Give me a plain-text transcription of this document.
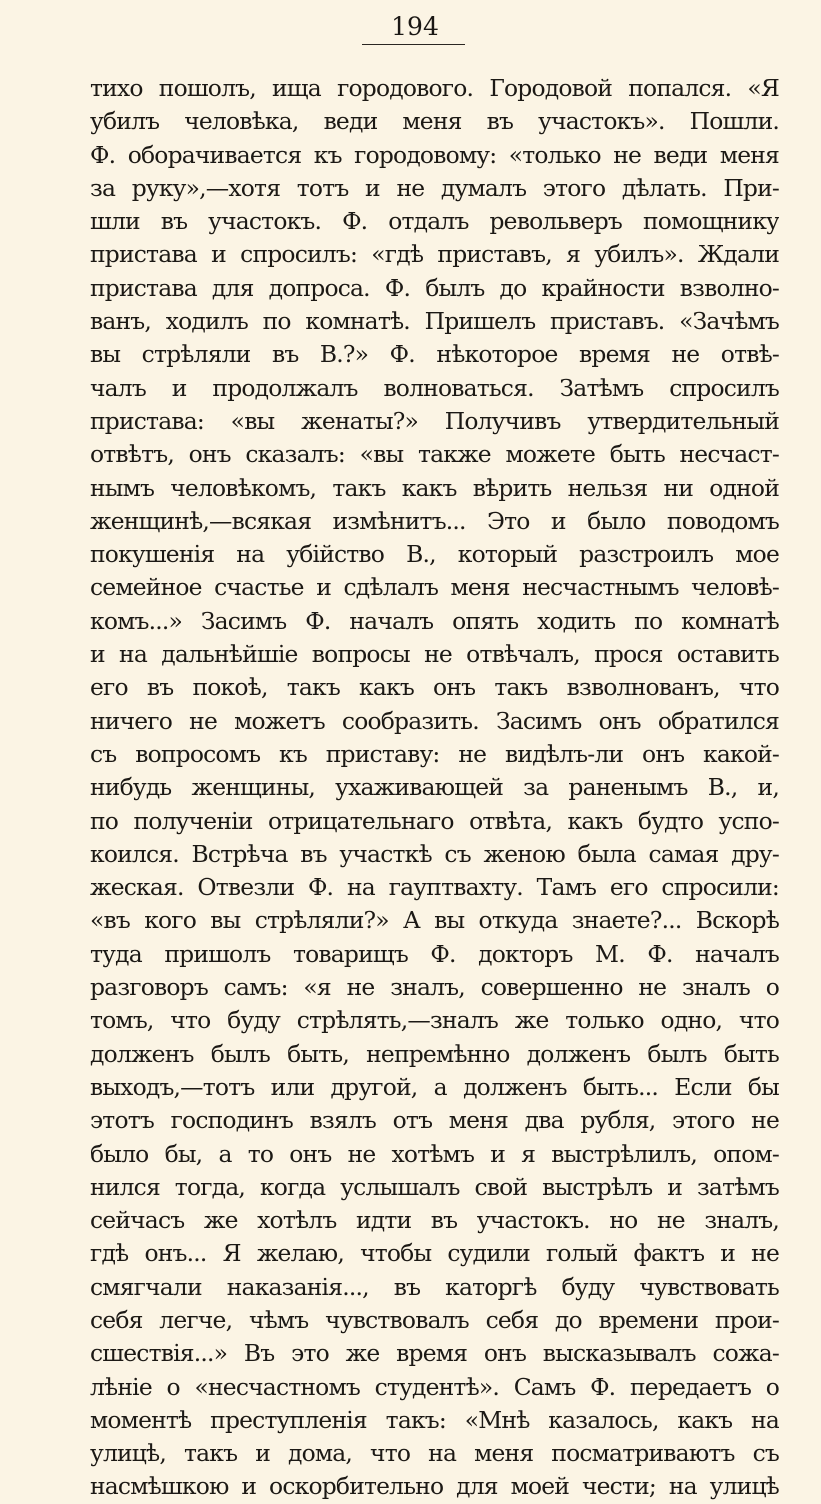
194
тихо пошолъ, ища городового. Городовой попался. «Я
убилъ человѣка, веди меня въ участокъ». Пошли.
Ф. оборачивается къ городовому: «только не веди меня
за руку»,—хотя тотъ и не думалъ этого дѣлать. При-
шли въ участокъ. Ф. отдалъ револьверъ помощнику
пристава и спросилъ: «гдѣ приставъ, я убилъ». Ждали
пристава для допроса. Ф. былъ до крайности взволно-
ванъ, ходилъ по комнатѣ. Пришелъ приставъ. «Зачѣмъ
вы стрѣляли въ В.?» Ф. нѣкоторое время не отвѣ-
чалъ и продолжалъ волноваться. Затѣмъ спросилъ
пристава: «вы женаты?» Получивъ утвердительный
отвѣтъ, онъ сказалъ: «вы также можете быть несчаст-
нымъ человѣкомъ, такъ какъ вѣрить нельзя ни одной
женщинѣ,—всякая измѣнитъ... Это и было поводомъ
покушенія на убійство В., который разстроилъ мое
семейное счастье и сдѣлалъ меня несчастнымъ человѣ-
комъ...» Засимъ Ф. началъ опять ходить по комнатѣ
и на дальнѣйшіе вопросы не отвѣчалъ, прося оставить
его въ покоѣ, такъ какъ онъ такъ взволнованъ, что
ничего не можетъ сообразить. Засимъ онъ обратился
съ вопросомъ къ приставу: не видѣлъ-ли онъ какой-
нибудь женщины, ухаживающей за раненымъ В., и,
по полученіи отрицательнаго отвѣта, какъ будто успо-
коился. Встрѣча въ участкѣ съ женою была самая дру-
жеская. Отвезли Ф. на гауптвахту. Тамъ его спросили:
«въ кого вы стрѣляли?» А вы откуда знаете?... Вскорѣ
туда пришолъ товарищъ Ф. докторъ М. Ф. началъ
разговоръ самъ: «я не зналъ, совершенно не зналъ о
томъ, что буду стрѣлять,—зналъ же только одно, что
долженъ былъ быть, непремѣнно долженъ былъ быть
выходъ,—тотъ или другой, а долженъ быть... Если бы
этотъ господинъ взялъ отъ меня два рубля, этого не
было бы, а то онъ не хотѣмъ и я выстрѣлилъ, опом-
нился тогда, когда услышалъ свой выстрѣлъ и затѣмъ
сейчасъ же хотѣлъ идти въ участокъ. но не зналъ,
гдѣ онъ... Я желаю, чтобы судили голый фактъ и не
смягчали наказанія..., въ каторгѣ буду чувствовать
себя легче, чѣмъ чувствовалъ себя до времени прои-
сшествія...» Въ это же время онъ высказывалъ сожа-
лѣніе о «несчастномъ студентѣ». Самъ Ф. передаетъ о
моментѣ преступленія такъ: «Мнѣ казалось, какъ на
улицѣ, такъ и дома, что на меня посматриваютъ съ
насмѣшкою и оскорбительно для моей чести; на улицѣ
